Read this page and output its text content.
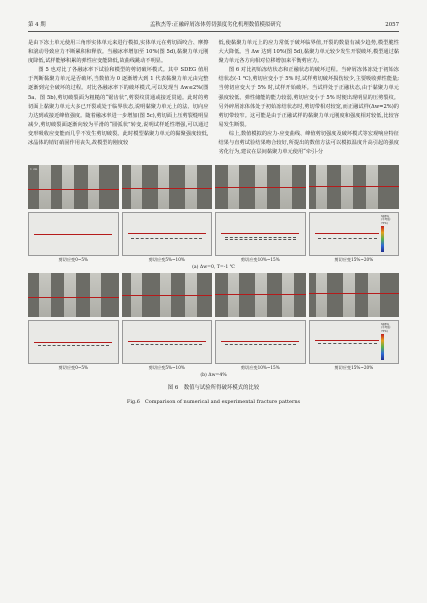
第 4 期	孟秋杰等:正融碎屑冻体剪切强度劣化机理数值模拟研究	2057

是由下冻土单元使用三角形实体单元来进行模拟,实体单元在剪切面咬合、摩擦和滚动导致应力不断累积和释放。当融冰率增加至 10%(图 5d),黏聚力单元刚度降低,试样能够积累的弹性应变能降低,故曲线跳动不明显。

图 5 也对比了各融冰率下试验和模型的剪切破坏模式。其中 SDEG 值用于判断黏聚力单元是否破坏,当数值为 0 逐渐增大到 1 代表黏聚力单元由完整逐渐到完全破坏的过程。对比各融冰率下的破坏模式,可以发现当 Δw≤2%(图 5a、图 5b),剪切破裂面为粗糙的“锯齿状”,剪裂纹贯通或接近贯通。此时的剪切面上黏聚力单元大多已开裂或处于临界状态,说明黏聚力单元上的法、切向应力达到或接近峰值强度。随着融冰率进一步增加(图 5c),剪切面上压剪裂缝明显减少,剪切破裂面逐渐向较为平滑的“圆弧状”转变,说明试样延性增强,可以通过变形吸收应变能而几乎不发生剪切破裂。此时模型黏聚力单元的黏聚强度较低,冰晶体的销钉硝固作用丧失,故模型的刚度较

低,使黏聚力单元上的应力常低于破坏临界值,开裂的数量有减少趋势,模型脆性大大降低。当 Δw 达到 10%(图 5d),黏聚力单元较少发生开裂破坏,模型通过黏聚力单元各方向相对位移增加来平衡剪应力。

图 6 对比初始冻结状态和正融状态的破坏过程。当碎屑冻体冻处于初始冻结状态(-1 ℃),剪切应变小于 5% 时,试样剪切破坏损伤较少,主要吸收弹性能量;当剪切应变大于 5% 时,试样开始破坏。当试样处于正融状态,由于黏聚力单元强度较低、弹性储能的能力较弱,剪切应变小于 5% 时便出现明显的压剪裂纹。另外碎屑冻体体处于初始冻结状态时,剪切带相对较宽,而正融试样(Δw=2%)的剪切带较窄。这可能是由于正融试样的黏聚力单元刚度和强度相对较低,比较容易发生断裂。

综上,数值模拟的应力-应变曲线、峰值剪切强度及破坏模式等宏观响应特征结果与直剪试验结果吻合较好,所提出的数值方法可以模拟温度升高引起的强度劣化行为,建议在层间黏聚力单元使用“牵引-分

1 cm
剪切应变0~5%	剪切应变5%~10%	剪切应变10%~15%
SDEG
(平均值: 75%)
剪切应变15%~20%
(a) Δw=0, T=-1 ℃
剪切应变0~5%	剪切应变5%~10%	剪切应变10%~15%
SDEG
(平均值: 75%)
剪切应变15%~20%
(b) Δw=4%
图 6　数值与试验所得破坏模式的比较
Fig.6　Comparison of numerical and experimental fracture patterns
